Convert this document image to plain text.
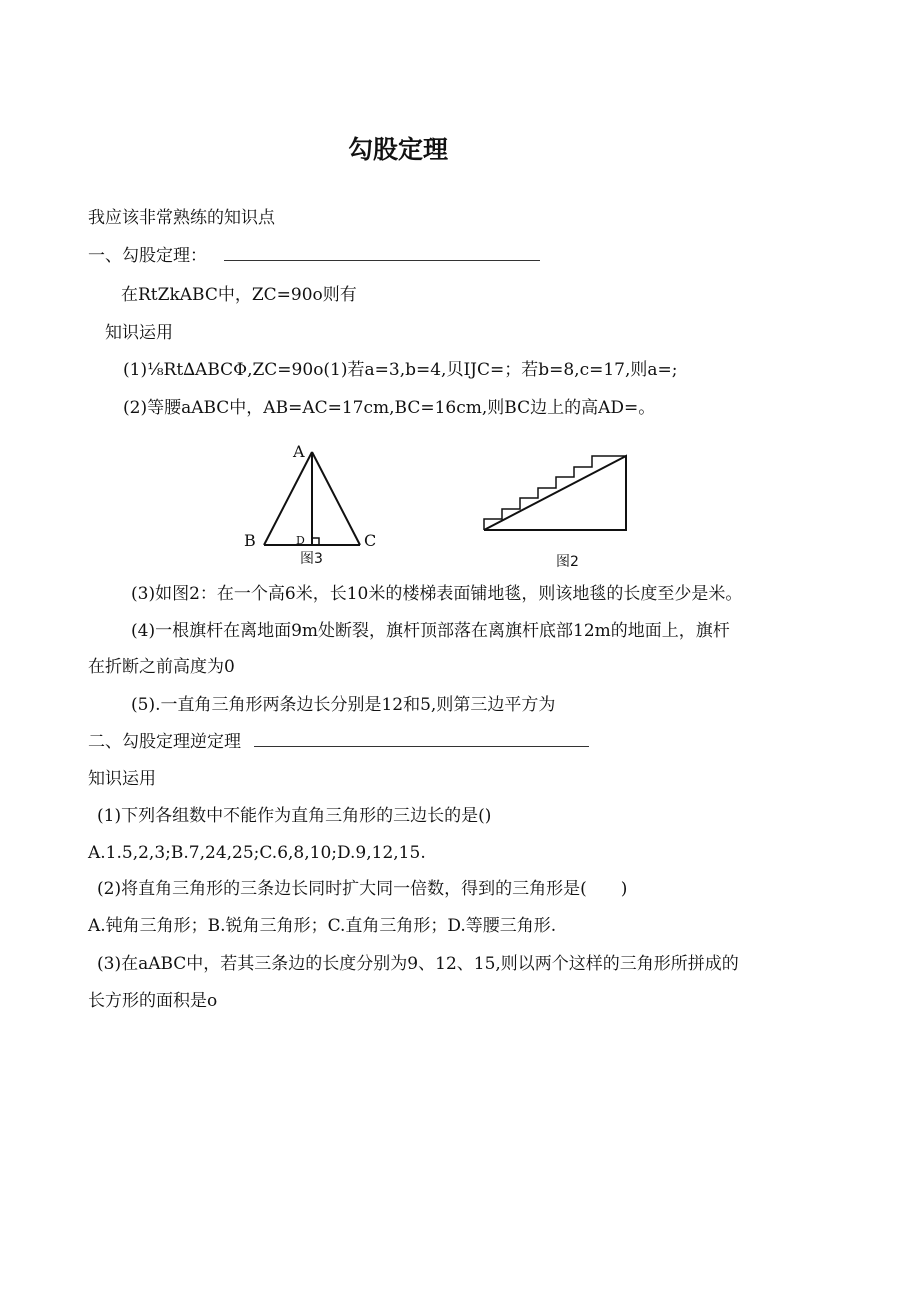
勾股定理
我应该非常熟练的知识点
一、勾股定理：
在RtZkABC中，ZC=90o则有
知识运用
(1)⅛Rt∆ABCΦ,ZC=90o(1)若a=3,b=4,贝IJC=；若b=8,c=17,则a=;
(2)等腰aABC中，AB=AC=17cm,BC=16cm,则BC边上的高AD=。
A
B	C
D
图3	图2
(3)如图2：在一个高6米，长10米的楼梯表面铺地毯，则该地毯的长度至少是米。
(4)一根旗杆在离地面9m处断裂，旗杆顶部落在离旗杆底部12m的地面上，旗杆
在折断之前高度为0
(5).一直角三角形两条边长分别是12和5,则第三边平方为
二、勾股定理逆定理
知识运用
(1)下列各组数中不能作为直角三角形的三边长的是()
A.1.5,2,3;B.7,24,25;C.6,8,10;D.9,12,15.
(2)将直角三角形的三条边长同时扩大同一倍数，得到的三角形是(　　)
A.钝角三角形；B.锐角三角形；C.直角三角形；D.等腰三角形.
(3)在aABC中，若其三条边的长度分别为9、12、15,则以两个这样的三角形所拼成的
长方形的面积是o
